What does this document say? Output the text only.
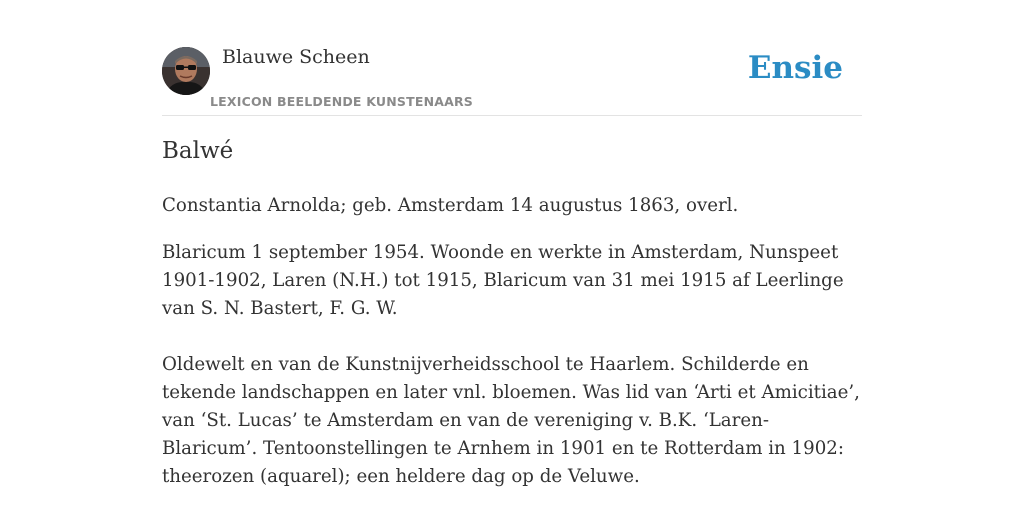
Blauwe Scheen
LEXICON BEELDENDE KUNSTENAARS
Ensie
Balwé

Constantia Arnolda; geb. Amsterdam 14 augustus 1863, overl.

Blaricum 1 september 1954. Woonde en werkte in Amsterdam, Nunspeet 1901-1902, Laren (N.H.) tot 1915, Blaricum van 31 mei 1915 af Leerlinge van S. N. Bastert, F. G. W.

Oldewelt en van de Kunstnijverheidsschool te Haarlem. Schilderde en tekende landschappen en later vnl. bloemen. Was lid van ‘Arti et Amicitiae’, van ‘St. Lucas’ te Amsterdam en van de vereniging v. B.K. ‘Laren-Blaricum’. Tentoonstellingen te Arnhem in 1901 en te Rotterdam in 1902: theerozen (aquarel); een heldere dag op de Veluwe.
